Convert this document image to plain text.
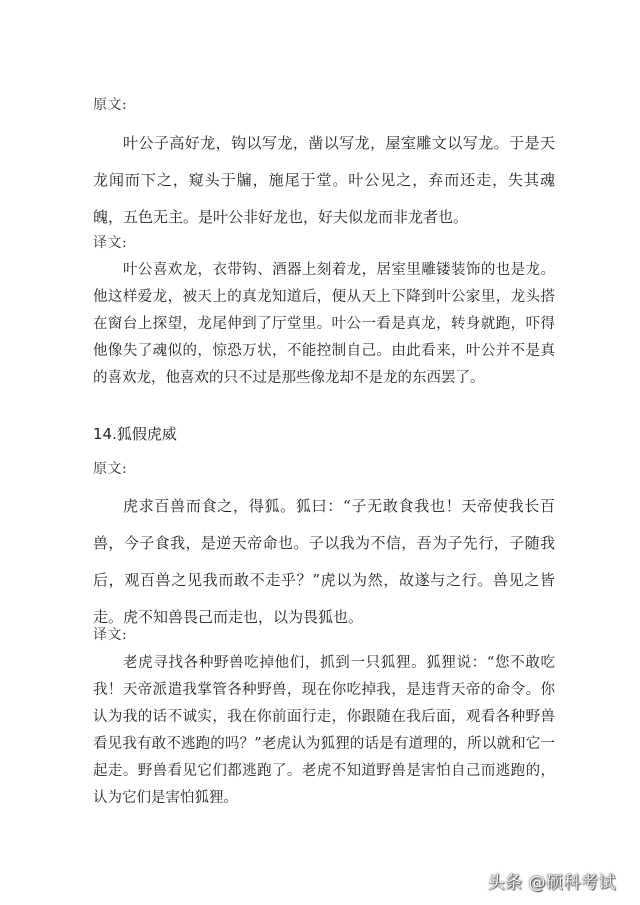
原文:

叶公子高好龙，钩以写龙，凿以写龙，屋室雕文以写龙。于是天龙闻而下之，窥头于牖，施尾于堂。叶公见之，弃而还走，失其魂魄，五色无主。是叶公非好龙也，好夫似龙而非龙者也。

译文:

叶公喜欢龙，衣带钩、酒器上刻着龙，居室里雕镂装饰的也是龙。他这样爱龙，被天上的真龙知道后，便从天上下降到叶公家里，龙头搭在窗台上探望，龙尾伸到了厅堂里。叶公一看是真龙，转身就跑，吓得他像失了魂似的，惊恐万状，不能控制自己。由此看来，叶公并不是真的喜欢龙，他喜欢的只不过是那些像龙却不是龙的东西罢了。

14.狐假虎威
原文:

虎求百兽而食之，得狐。狐曰：“子无敢食我也！天帝使我长百兽，今子食我，是逆天帝命也。子以我为不信，吾为子先行，子随我后，观百兽之见我而敢不走乎？”虎以为然，故遂与之行。兽见之皆走。虎不知兽畏己而走也，以为畏狐也。

译文:

老虎寻找各种野兽吃掉他们，抓到一只狐狸。狐狸说：“您不敢吃我！天帝派遣我掌管各种野兽，现在你吃掉我，是违背天帝的命令。你认为我的话不诚实，我在你前面行走，你跟随在我后面，观看各种野兽看见我有敢不逃跑的吗？”老虎认为狐狸的话是有道理的，所以就和它一起走。野兽看见它们都逃跑了。老虎不知道野兽是害怕自己而逃跑的，认为它们是害怕狐狸。

头条 @硕科考试
